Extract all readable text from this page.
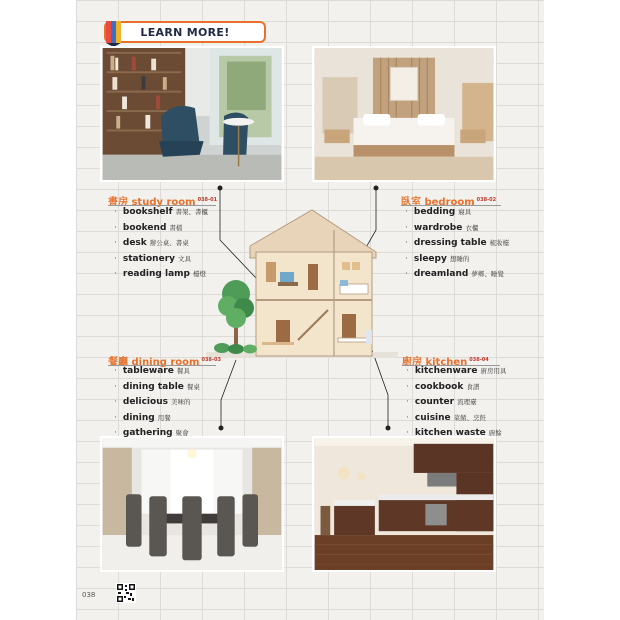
LEARN MORE!
書房 study room $^{038-01}$
· bookshelf 書架、書櫃
· bookend 書檔
· desk 辦公桌、書桌
· stationery 文具
· reading lamp 檯燈
臥室 bedroom $^{038-02}$
· bedding 寢具
· wardrobe 衣櫃
· dressing table 梳妝檯
· sleepy 想睡的
· dreamland 夢鄉、睡覺
餐廳 dining room $^{038-03}$
· tableware 餐具
· dining table 餐桌
· delicious 美味的
· dining 用餐
· gathering 聚會
廚房 kitchen $^{038-04}$
· kitchenware 廚房用具
· cookbook 食譜
· counter 流理臺
· cuisine 菜餚、烹飪
· kitchen waste 廚餘
038
